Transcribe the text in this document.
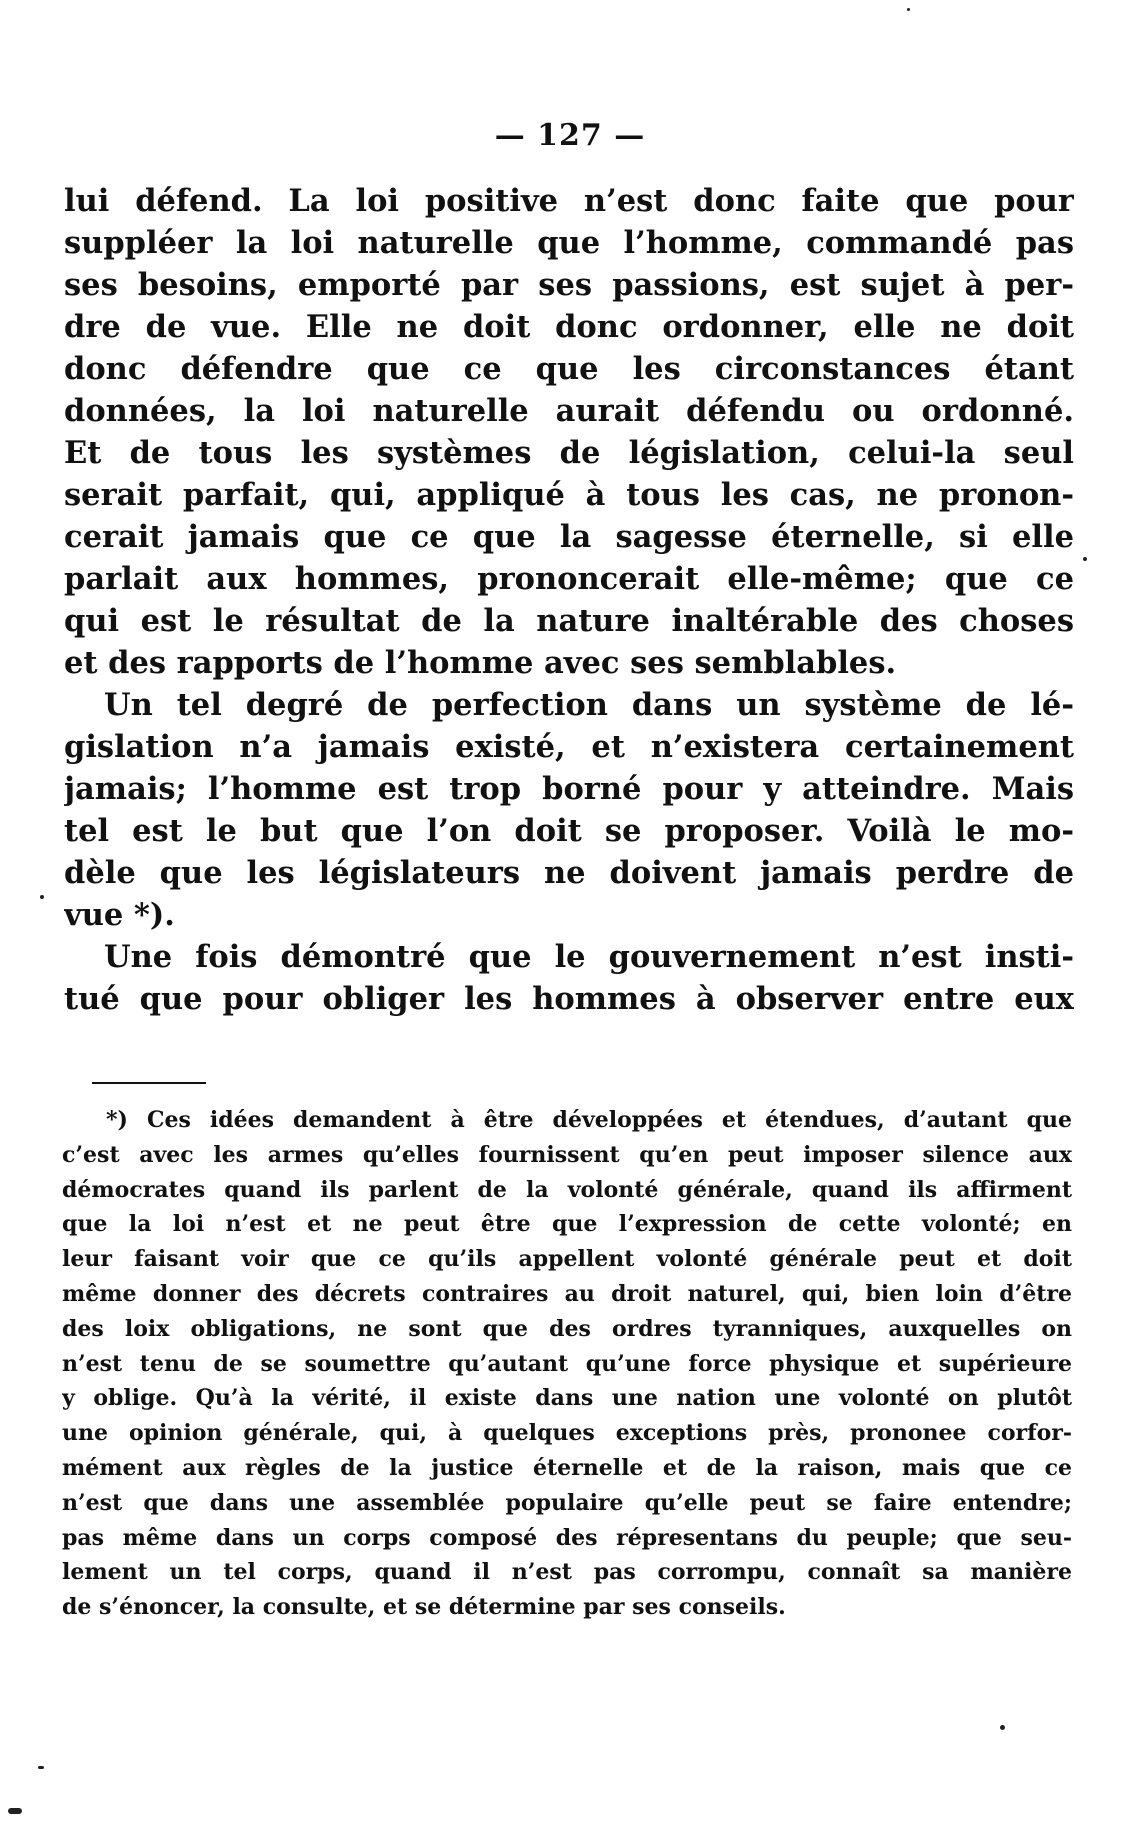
— 127 —
lui défend. La loi positive n’est donc faite que pour
suppléer la loi naturelle que l’homme, commandé pas
ses besoins, emporté par ses passions, est sujet à per-
dre de vue. Elle ne doit donc ordonner, elle ne doit
donc défendre que ce que les circonstances étant
données, la loi naturelle aurait défendu ou ordonné.
Et de tous les systèmes de législation, celui-la seul
serait parfait, qui, appliqué à tous les cas, ne pronon-
cerait jamais que ce que la sagesse éternelle, si elle
parlait aux hommes, prononcerait elle-même; que ce
qui est le résultat de la nature inaltérable des choses
et des rapports de l’homme avec ses semblables.
Un tel degré de perfection dans un système de lé-
gislation n’a jamais existé, et n’existera certainement
jamais; l’homme est trop borné pour y atteindre. Mais
tel est le but que l’on doit se proposer. Voilà le mo-
dèle que les législateurs ne doivent jamais perdre de
vue *).
Une fois démontré que le gouvernement n’est insti-
tué que pour obliger les hommes à observer entre eux
*) Ces idées demandent à être développées et étendues, d’autant que
c’est avec les armes qu’elles fournissent qu’en peut imposer silence aux
démocrates quand ils parlent de la volonté générale, quand ils affirment
que la loi n’est et ne peut être que l’expression de cette volonté; en
leur faisant voir que ce qu’ils appellent volonté générale peut et doit
même donner des décrets contraires au droit naturel, qui, bien loin d’être
des loix obligations, ne sont que des ordres tyranniques, auxquelles on
n’est tenu de se soumettre qu’autant qu’une force physique et supérieure
y oblige. Qu’à la vérité, il existe dans une nation une volonté on plutôt
une opinion générale, qui, à quelques exceptions près, prononee corfor-
mément aux règles de la justice éternelle et de la raison, mais que ce
n’est que dans une assemblée populaire qu’elle peut se faire entendre;
pas même dans un corps composé des répresentans du peuple; que seu-
lement un tel corps, quand il n’est pas corrompu, connaît sa manière
de s’énoncer, la consulte, et se détermine par ses conseils.
